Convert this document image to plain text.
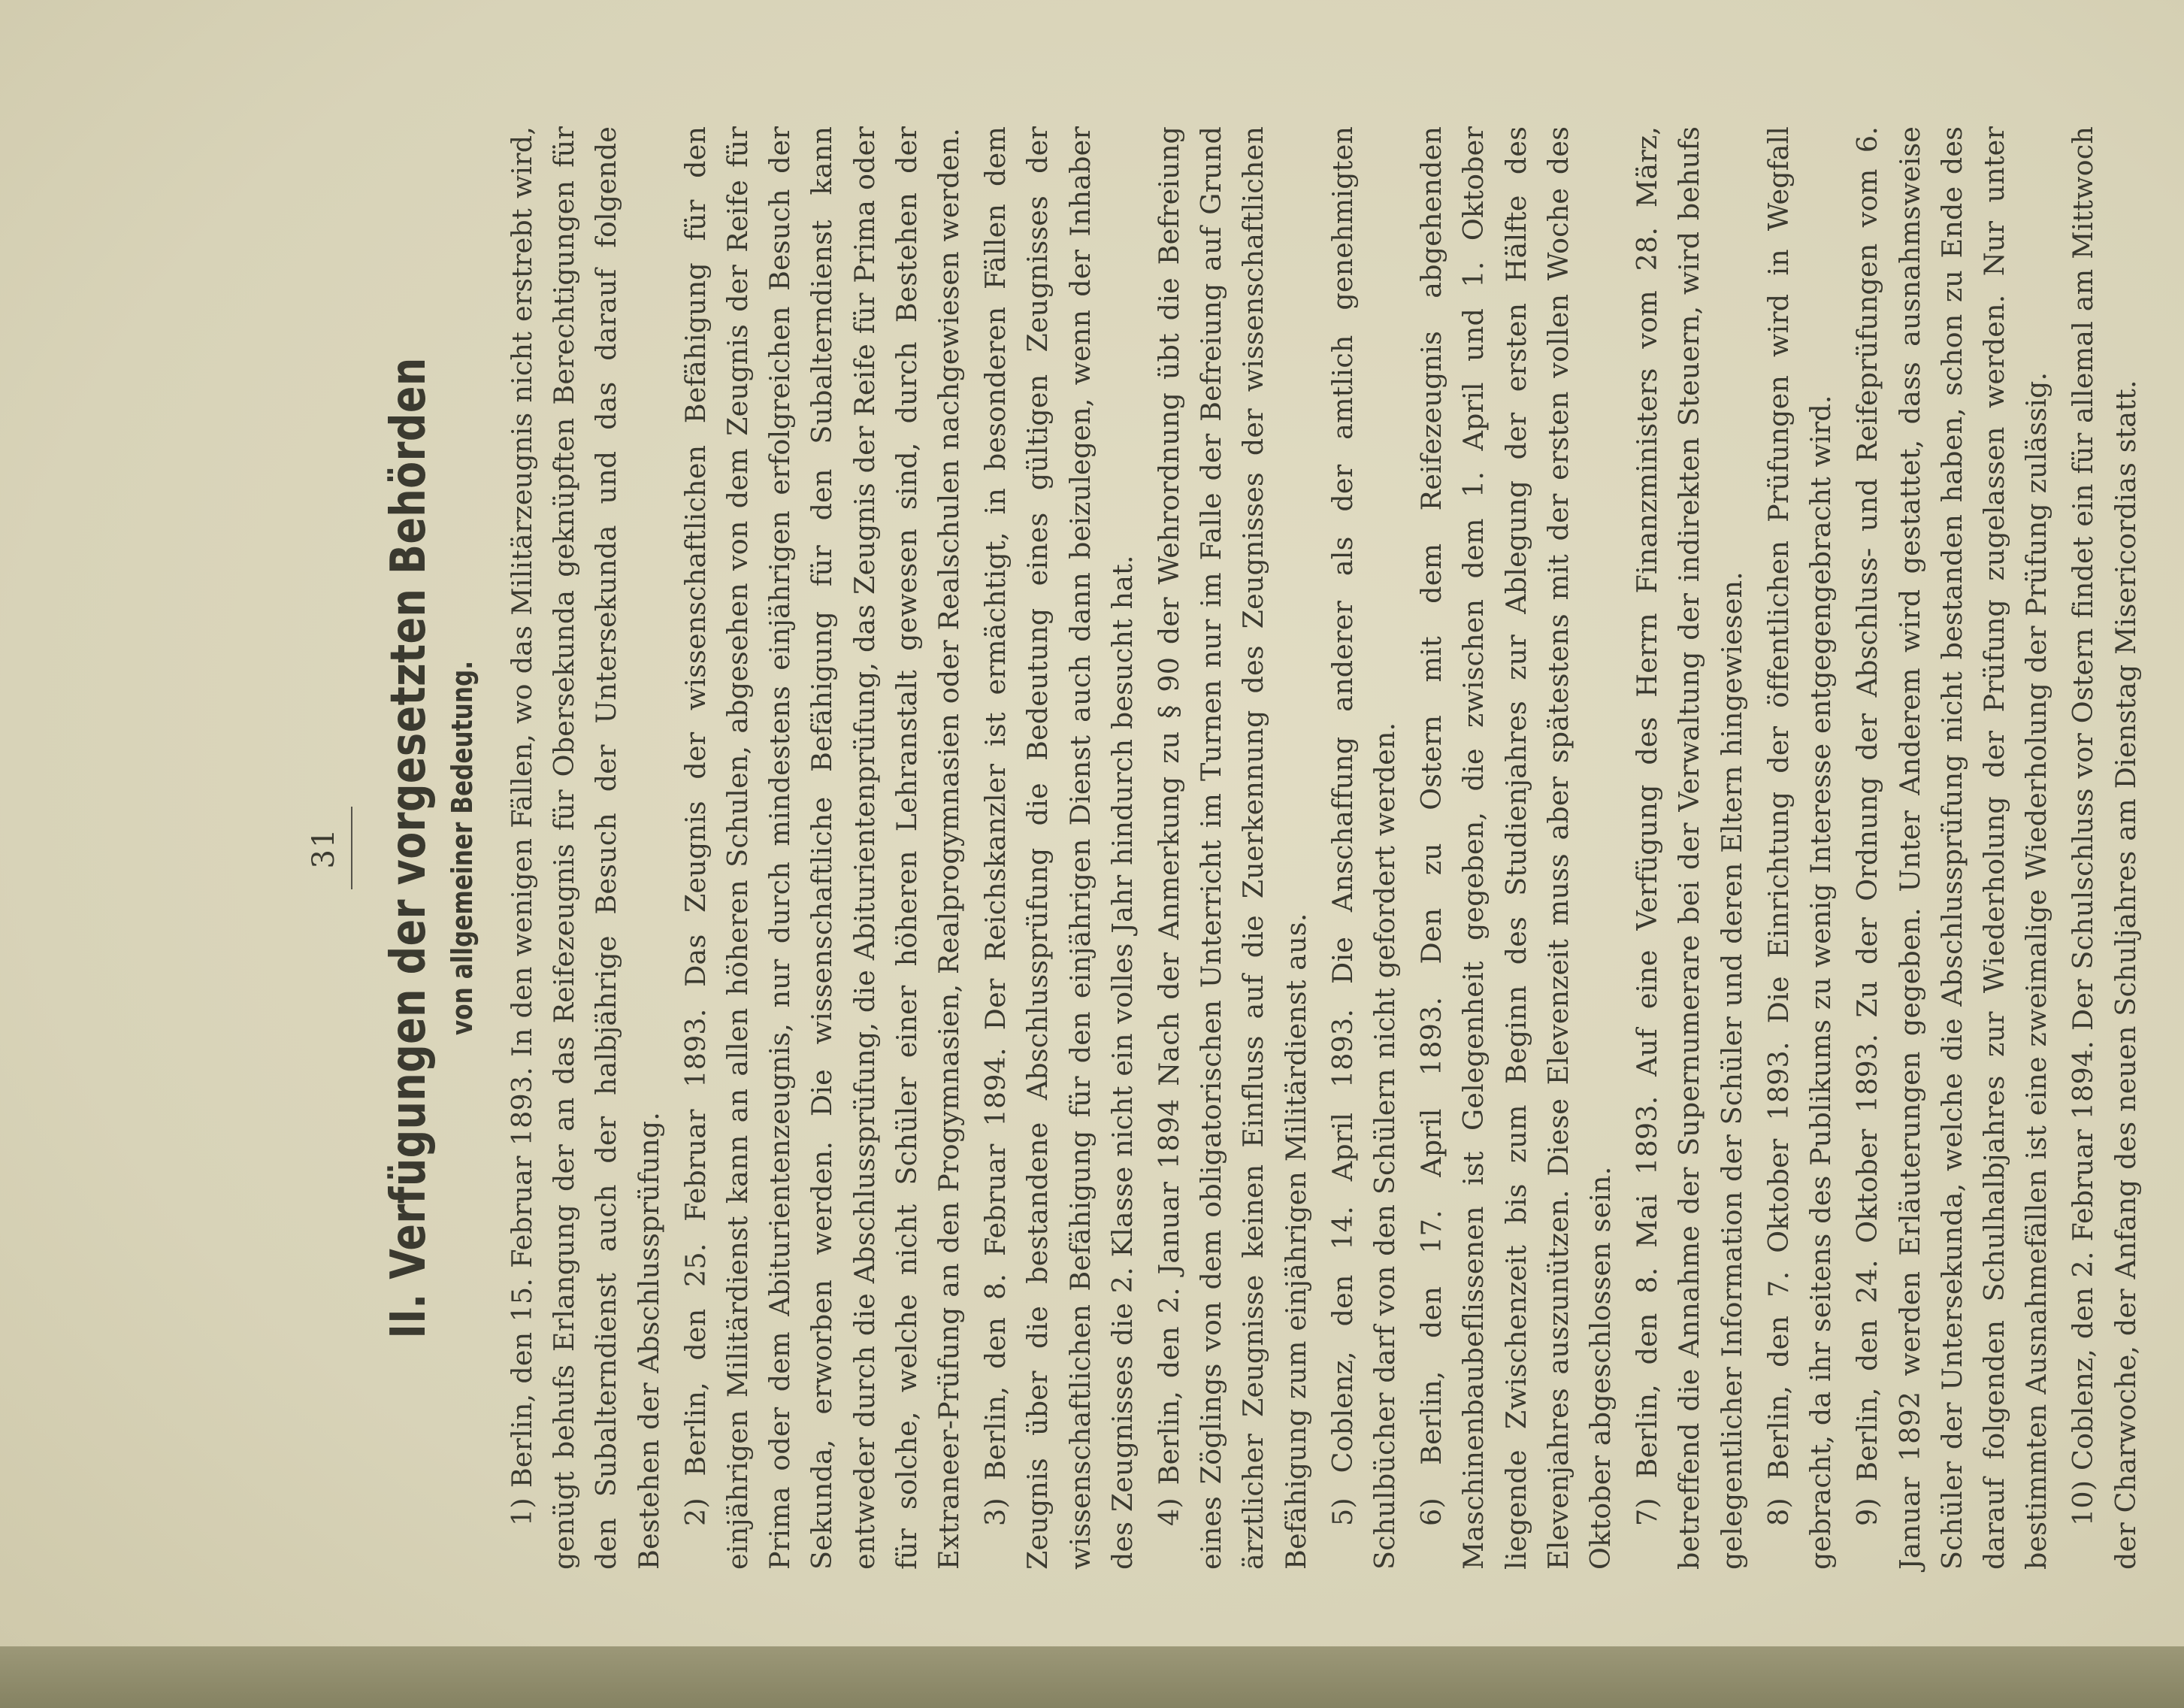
31 II. Verfügungen der vorgesetzten Behörden von allgemeiner Bedeutung. 1) Berlin, den 15. Februar 1893. In den wenigen Fällen, wo das Militärzeugnis nicht erstrebt wird, genügt behufs Erlangung der an das Reifezeugnis für Obersekunda geknüpften Berechtigungen für den Subalterndienst auch der halbjährige Besuch der Untersekunda und das darauf folgende Bestehen der Abschlussprüfung. 2) Berlin, den 25. Februar 1893. Das Zeugnis der wissenschaftlichen Befähigung für den einjährigen Militärdienst kann an allen höheren Schulen, abgesehen von dem Zeugnis der Reife für Prima oder dem Abiturientenzeugnis, nur durch mindestens einjährigen erfolgreichen Besuch der Sekunda, erworben werden. Die wissenschaftliche Befähigung für den Subalterndienst kann entweder durch die Abschlussprüfung, die Abiturientenprüfung, das Zeugnis der Reife für Prima oder für solche, welche nicht Schüler einer höheren Lehranstalt gewesen sind, durch Bestehen der Extraneer-Prüfung an den Progymnasien, Realprogymnasien oder Realschulen nachgewiesen werden. 3) Berlin, den 8. Februar 1894. Der Reichskanzler ist ermächtigt, in besonderen Fällen dem Zeugnis über die bestandene Abschlussprüfung die Bedeutung eines gültigen Zeugnisses der wissenschaftlichen Befähigung für den einjährigen Dienst auch dann beizulegen, wenn der Inhaber des Zeugnisses die 2. Klasse nicht ein volles Jahr hindurch besucht hat. 4) Berlin, den 2. Januar 1894 Nach der Anmerkung zu § 90 der Wehrordnung übt die Befreiung eines Zöglings von dem obligatorischen Unterricht im Turnen nur im Falle der Befreiung auf Grund ärztlicher Zeugnisse keinen Einfluss auf die Zuerkennung des Zeugnisses der wissenschaftlichen Befähigung zum einjährigen Militärdienst aus. 5) Coblenz, den 14. April 1893. Die Anschaffung anderer als der amtlich genehmigten Schulbücher darf von den Schülern nicht gefordert werden. 6) Berlin, den 17. April 1893. Den zu Ostern mit dem Reifezeugnis abgehenden Maschinenbaubeflissenen ist Gelegenheit gegeben, die zwischen dem 1. April und 1. Oktober liegende Zwischenzeit bis zum Beginn des Studienjahres zur Ablegung der ersten Hälfte des Elevenjahres auszunützen. Diese Elevenzeit muss aber spätestens mit der ersten vollen Woche des Oktober abgeschlossen sein. 7) Berlin, den 8. Mai 1893. Auf eine Verfügung des Herrn Finanzministers vom 28. März, betreffend die Annahme der Supernumerare bei der Verwaltung der indirekten Steuern, wird behufs gelegentlicher Information der Schüler und deren Eltern hingewiesen. 8) Berlin, den 7. Oktober 1893. Die Einrichtung der öffentlichen Prüfungen wird in Wegfall gebracht, da ihr seitens des Publikums zu wenig Interesse entgegengebracht wird. 9) Berlin, den 24. Oktober 1893. Zu der Ordnung der Abschluss- und Reifeprüfungen vom 6. Januar 1892 werden Erläuterungen gegeben. Unter Anderem wird gestattet, dass ausnahmsweise Schüler der Untersekunda, welche die Abschlussprüfung nicht bestanden haben, schon zu Ende des darauf folgenden Schulhalbjahres zur Wiederholung der Prüfung zugelassen werden. Nur unter bestimmten Ausnahmefällen ist eine zweimalige Wiederholung der Prüfung zulässig. 10) Coblenz, den 2. Februar 1894. Der Schulschluss vor Ostern findet ein für allemal am Mittwoch der Charwoche, der Anfang des neuen Schuljahres am Dienstag Misericordias statt.
